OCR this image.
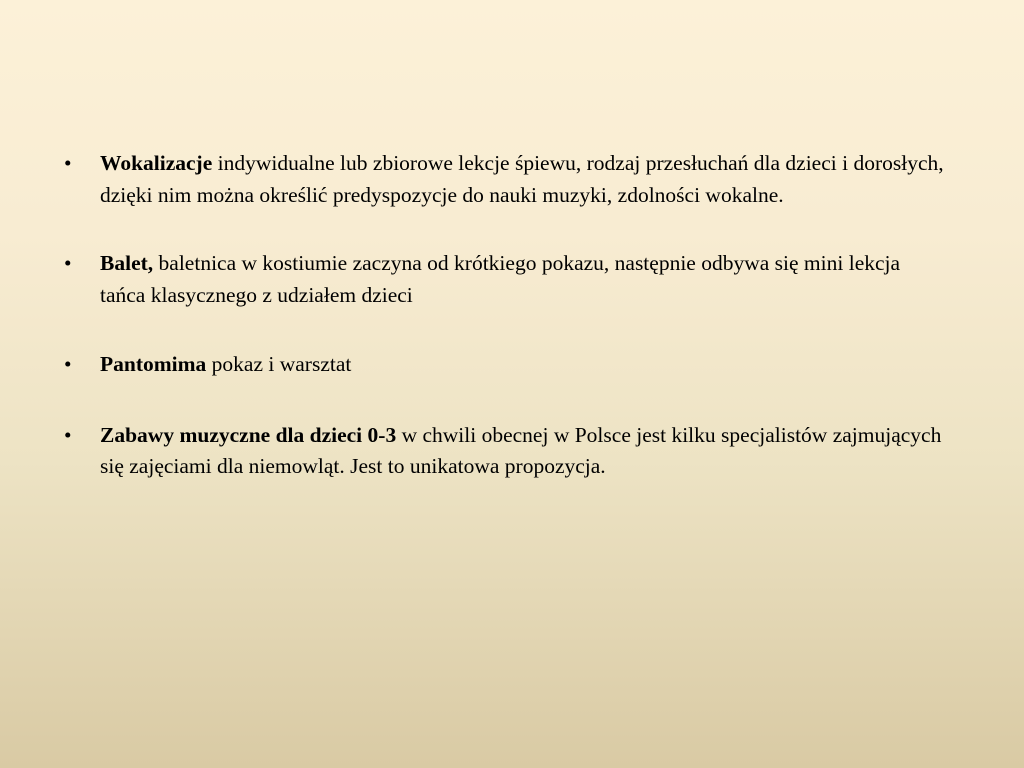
•	Wokalizacje indywidualne lub zbiorowe lekcje śpiewu, rodzaj przesłuchań dla dzieci i dorosłych, dzięki nim można określić predyspozycje do nauki muzyki, zdolności wokalne.
•	Balet, baletnica w kostiumie zaczyna od krótkiego pokazu, następnie odbywa się mini lekcja tańca klasycznego z udziałem dzieci
•	Pantomima pokaz i warsztat
•	Zabawy muzyczne dla dzieci 0-3 w chwili obecnej w Polsce jest kilku specjalistów zajmujących się zajęciami dla niemowląt. Jest to unikatowa propozycja.
